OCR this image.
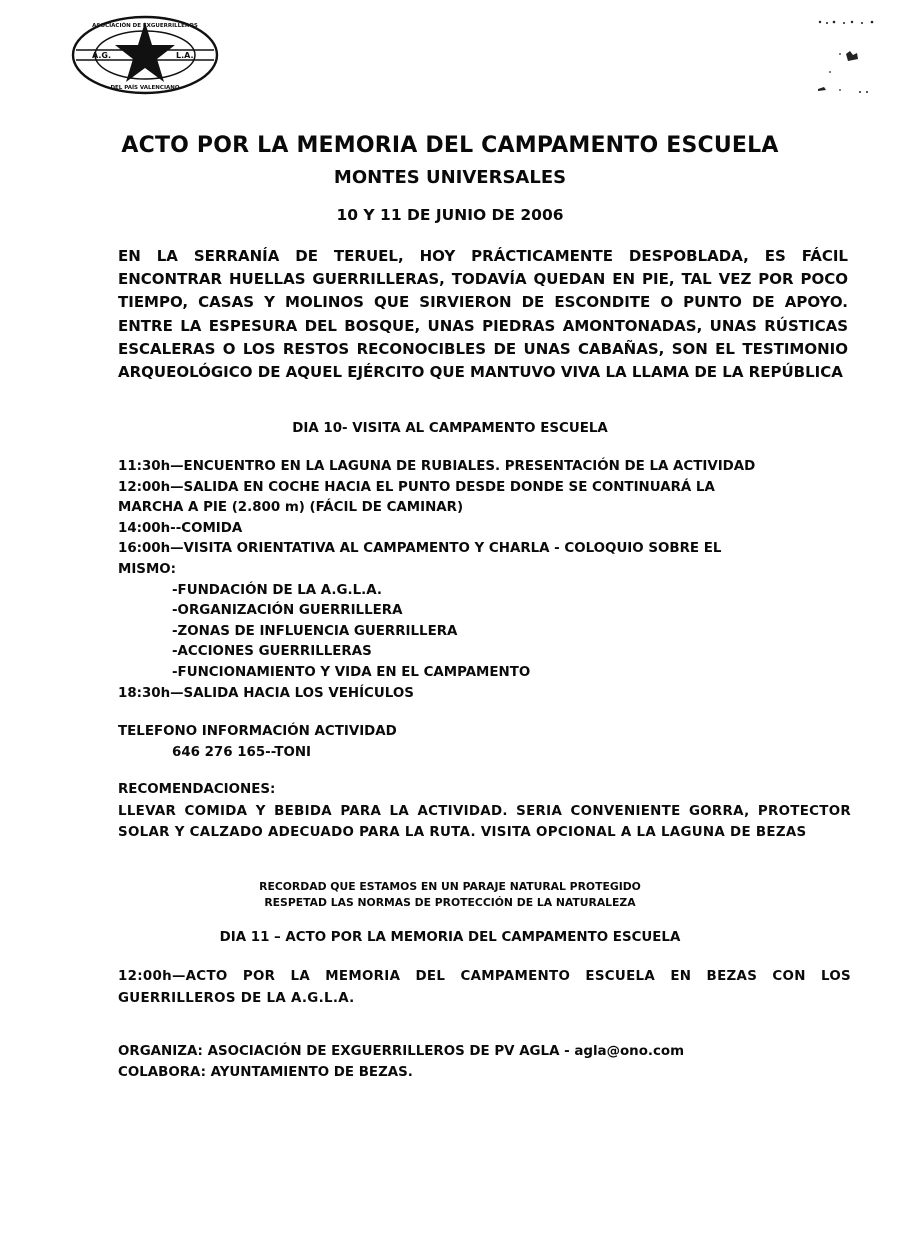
A.G.	L.A.
ASOCIACIÓN DE EXGUERRILLEROS
DEL PAÍS VALENCIANO
ACTO POR LA MEMORIA DEL CAMPAMENTO ESCUELA
MONTES UNIVERSALES
10 Y 11 DE JUNIO DE 2006
EN LA SERRANÍA DE TERUEL, HOY PRÁCTICAMENTE DESPOBLADA, ES FÁCIL ENCONTRAR HUELLAS GUERRILLERAS, TODAVÍA QUEDAN EN PIE, TAL VEZ POR POCO TIEMPO, CASAS Y MOLINOS QUE SIRVIERON DE ESCONDITE O PUNTO DE APOYO. ENTRE LA ESPESURA DEL BOSQUE, UNAS PIEDRAS AMONTONADAS, UNAS RÚSTICAS ESCALERAS O LOS RESTOS RECONOCIBLES DE UNAS CABAÑAS, SON EL TESTIMONIO ARQUEOLÓGICO DE AQUEL EJÉRCITO QUE MANTUVO VIVA LA LLAMA DE LA REPÚBLICA
DIA 10- VISITA AL CAMPAMENTO ESCUELA
11:30h—ENCUENTRO EN LA LAGUNA DE RUBIALES. PRESENTACIÓN DE LA ACTIVIDAD
12:00h—SALIDA EN COCHE HACIA EL PUNTO DESDE DONDE SE CONTINUARÁ LA
MARCHA A PIE (2.800 m) (FÁCIL DE CAMINAR)
14:00h--COMIDA
16:00h—VISITA ORIENTATIVA AL CAMPAMENTO Y CHARLA - COLOQUIO SOBRE EL
MISMO:
-FUNDACIÓN DE LA A.G.L.A.
-ORGANIZACIÓN GUERRILLERA
-ZONAS DE INFLUENCIA GUERRILLERA
-ACCIONES GUERRILLERAS
-FUNCIONAMIENTO Y VIDA EN EL CAMPAMENTO
18:30h—SALIDA HACIA LOS VEHÍCULOS
TELEFONO INFORMACIÓN ACTIVIDAD
646 276 165--TONI
RECOMENDACIONES:
LLEVAR COMIDA Y BEBIDA PARA LA ACTIVIDAD. SERIA CONVENIENTE GORRA, PROTECTOR SOLAR Y CALZADO ADECUADO PARA LA RUTA. VISITA OPCIONAL A LA LAGUNA DE BEZAS
RECORDAD QUE ESTAMOS EN UN PARAJE NATURAL PROTEGIDO
RESPETAD LAS NORMAS DE PROTECCIÓN DE LA NATURALEZA
DIA 11 – ACTO POR LA MEMORIA DEL CAMPAMENTO ESCUELA
12:00h—ACTO POR LA MEMORIA DEL CAMPAMENTO ESCUELA EN BEZAS CON LOS GUERRILLEROS DE LA A.G.L.A.
ORGANIZA: ASOCIACIÓN DE EXGUERRILLEROS DE PV AGLA - agla@ono.com
COLABORA: AYUNTAMIENTO DE BEZAS.
